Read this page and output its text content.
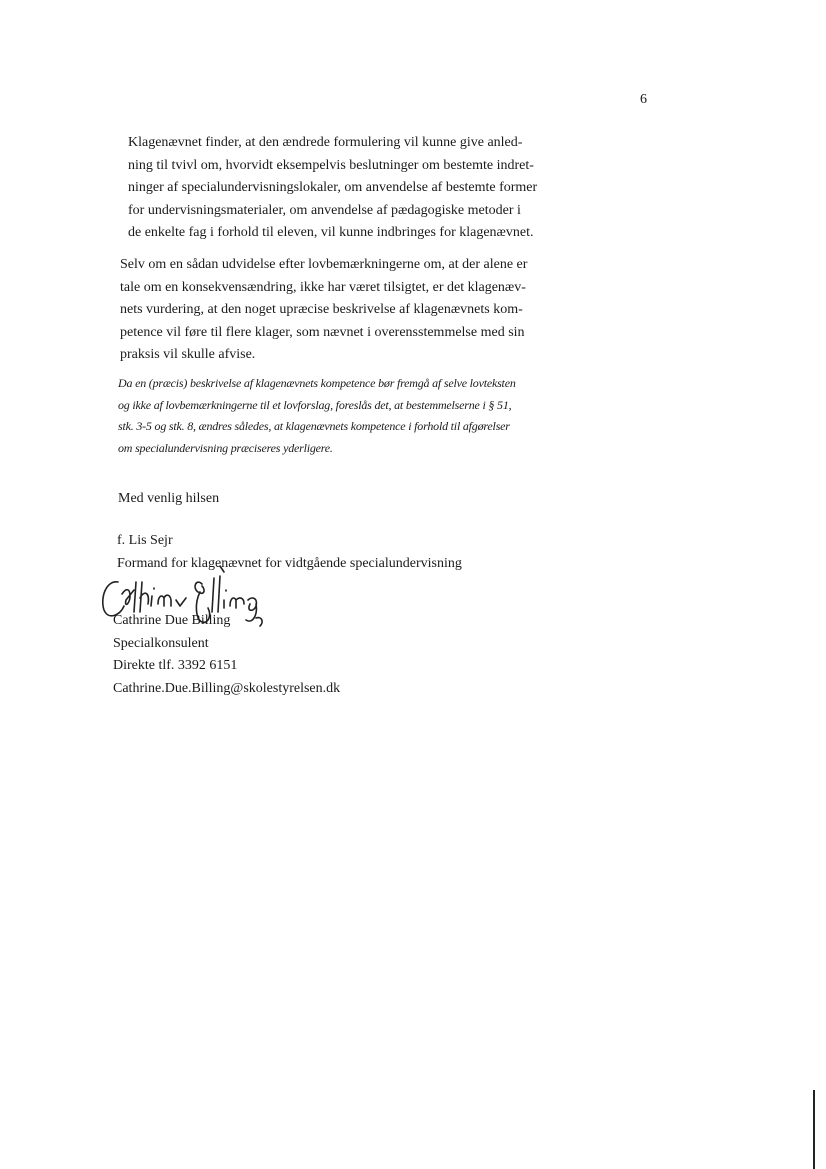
6

Klagenævnet finder, at den ændrede formulering vil kunne give anled-
ning til tvivl om, hvorvidt eksempelvis beslutninger om bestemte indret-
ninger af specialundervisningslokaler, om anvendelse af bestemte former
for undervisningsmaterialer, om anvendelse af pædagogiske metoder i
de enkelte fag i forhold til eleven, vil kunne indbringes for klagenævnet.

Selv om en sådan udvidelse efter lovbemærkningerne om, at der alene er
tale om en konsekvensændring, ikke har været tilsigtet, er det klagenæv-
nets vurdering, at den noget upræcise beskrivelse af klagenævnets kom-
petence vil føre til flere klager, som nævnet i overensstemmelse med sin
praksis vil skulle afvise.

Da en (præcis) beskrivelse af klagenævnets kompetence bør fremgå af selve lovteksten
og ikke af lovbemærkningerne til et lovforslag, foreslås det, at bestemmelserne i § 51,
stk. 3-5 og stk. 8, ændres således, at klagenævnets kompetence i forhold til afgørelser
om specialundervisning præciseres yderligere.

Med venlig hilsen
f. Lis Sejr
Formand for klagenævnet for vidtgående specialundervisning
Cathrine Due Billing
Specialkonsulent
Direkte tlf. 3392 6151
Cathrine.Due.Billing@skolestyrelsen.dk
